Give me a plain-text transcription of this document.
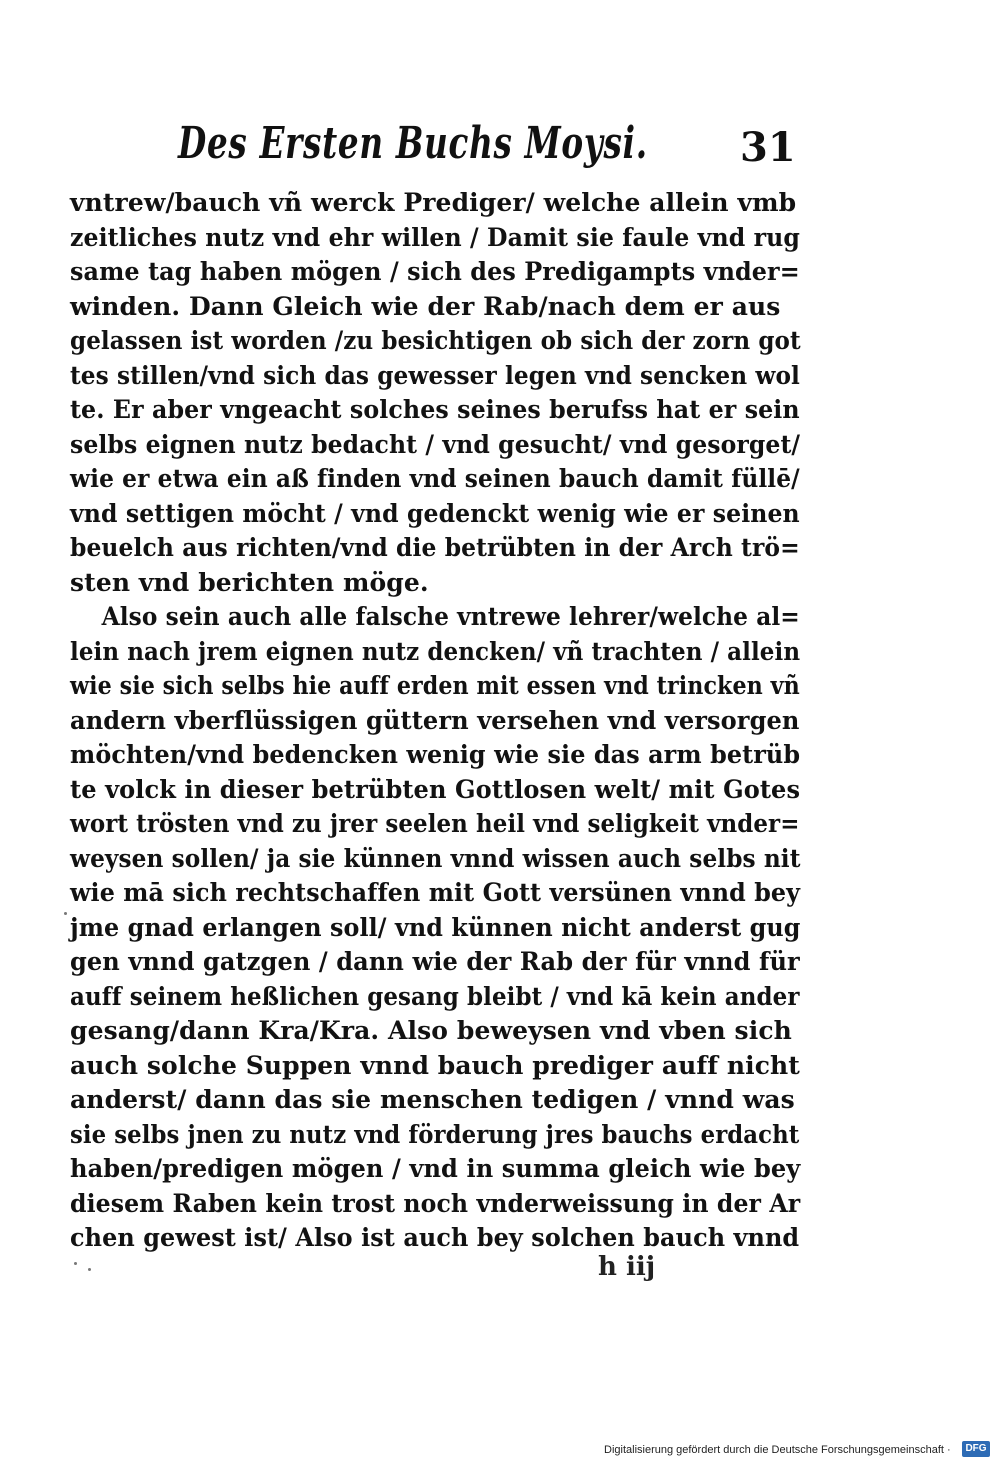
Des Ersten Buchs Moysi. 31
vntrew/bauch vñ werck Prediger/ welche allein vmb
zeitliches nutz vnd ehr willen / Damit sie faule vnd rug
same tag haben mögen / sich des Predigampts vnder=
winden. Dann Gleich wie der Rab/nach dem er aus
gelassen ist worden /zu besichtigen ob sich der zorn got
tes stillen/vnd sich das gewesser legen vnd sencken wol
te. Er aber vngeacht solches seines berufss hat er sein
selbs eignen nutz bedacht / vnd gesucht/ vnd gesorget/
wie er etwa ein aß finden vnd seinen bauch damit füllē/
vnd settigen möcht / vnd gedenckt wenig wie er seinen
beuelch aus richten/vnd die betrübten in der Arch trö=
sten vnd berichten möge.
Also sein auch alle falsche vntrewe lehrer/welche al=
lein nach jrem eignen nutz dencken/ vñ trachten / allein
wie sie sich selbs hie auff erden mit essen vnd trincken vñ
andern vberflüssigen güttern versehen vnd versorgen
möchten/vnd bedencken wenig wie sie das arm betrüb
te volck in dieser betrübten Gottlosen welt/ mit Gotes
wort trösten vnd zu jrer seelen heil vnd seligkeit vnder=
weysen sollen/ ja sie künnen vnnd wissen auch selbs nit
wie mā sich rechtschaffen mit Gott versünen vnnd bey
jme gnad erlangen soll/ vnd künnen nicht anderst gug
gen vnnd gatzgen / dann wie der Rab der für vnnd für
auff seinem heßlichen gesang bleibt / vnd kā kein ander
gesang/dann Kra/Kra. Also beweysen vnd vben sich
auch solche Suppen vnnd bauch prediger auff nicht
anderst/ dann das sie menschen tedigen / vnnd was
sie selbs jnen zu nutz vnd förderung jres bauchs erdacht
haben/predigen mögen / vnd in summa gleich wie bey
diesem Raben kein trost noch vnderweissung in der Ar
chen gewest ist/ Also ist auch bey solchen bauch vnnd
h iij
Digitalisierung gefördert durch die Deutsche Forschungsgemeinschaft ·	DFG
